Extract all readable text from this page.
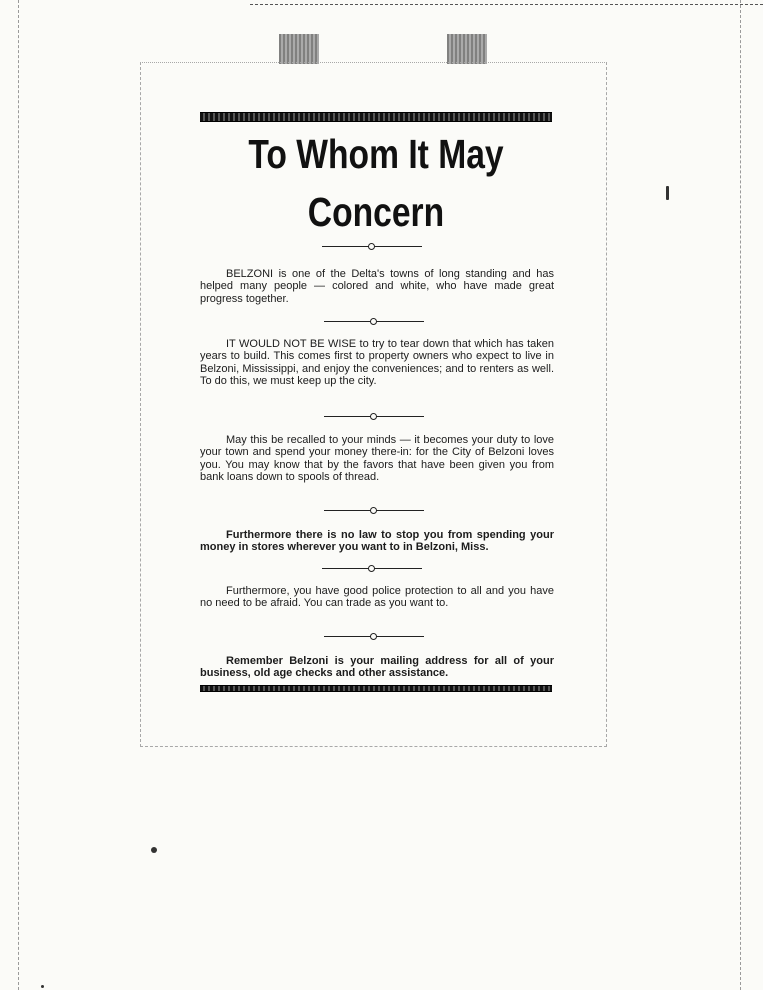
To Whom It May
Concern

BELZONI is one of the Delta's towns of long standing and has helped many people — colored and white, who have made great progress together.

IT WOULD NOT BE WISE to try to tear down that which has taken years to build. This comes first to property owners who expect to live in Belzoni, Mississippi, and enjoy the conveniences; and to renters as well. To do this, we must keep up the city.

May this be recalled to your minds — it becomes your duty to love your town and spend your money there-in: for the City of Belzoni loves you. You may know that by the favors that have been given you from bank loans down to spools of thread.

Furthermore there is no law to stop you from spending your money in stores wherever you want to in Belzoni, Miss.

Furthermore, you have good police protection to all and you have no need to be afraid. You can trade as you want to.

Remember Belzoni is your mailing address for all of your business, old age checks and other assistance.
